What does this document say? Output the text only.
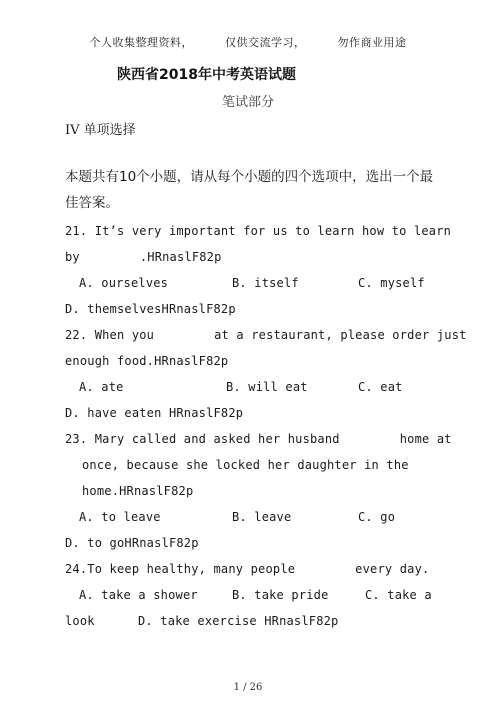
个人收集整理资料，	仅供交流学习，	勿作商业用途
陕西省2018年中考英语试题
笔试部分
IV 单项选择
本题共有10个小题，请从每个小题的四个选项中，选出一个最
佳答案。
21. It’s very important for us to learn how to learn
by	.HRnaslF82p
A. ourselves	B. itself	C. myself
D. themselvesHRnaslF82p
22. When you	at a restaurant, please order just
enough food.HRnaslF82p
A. ate	B. will eat	C. eat
D. have eaten HRnaslF82p
23. Mary called and asked her husband	home at
once, because she locked her daughter in the
home.HRnaslF82p
A. to leave	B. leave	C. go
D. to goHRnaslF82p
24.To keep healthy, many people	every day.
A. take a shower	B. take pride	C. take a
look	D. take exercise HRnaslF82p
1 / 26
